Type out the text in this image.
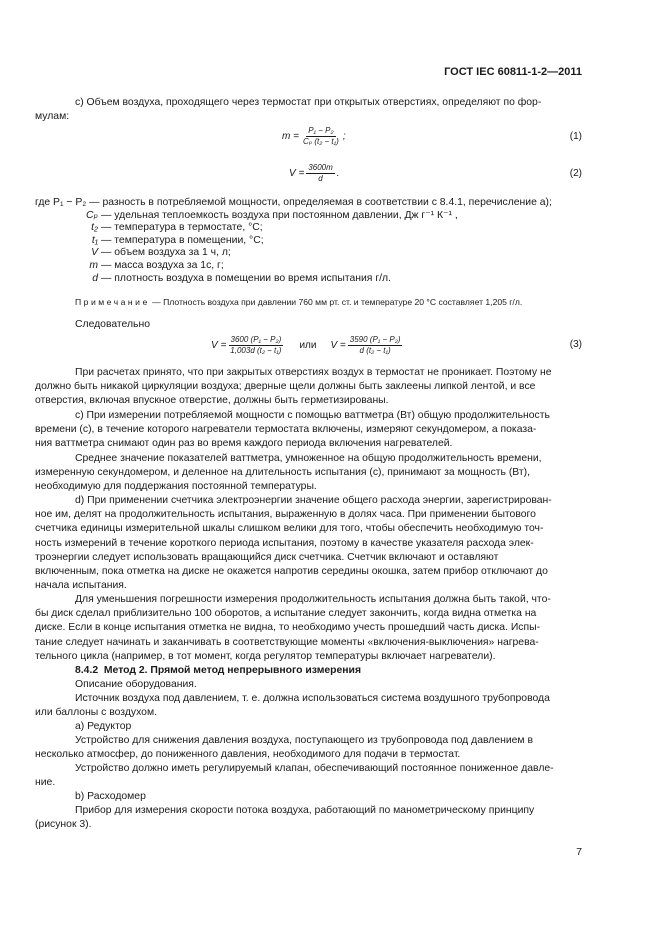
ГОСТ IEC 60811-1-2—2011
с) Объем воздуха, проходящего через термостат при открытых отверстиях, определяют по фор-
мулам:
$m = \frac{\text{P₁ − P₂}}{\text{Cₚ (t₂ − t₁)}}$ ;	(1)
$V = \frac{3600m}{d}$ .	(2)
где P₁ − P₂ — разность в потребляемой мощности, определяемая в соответствии с 8.4.1, перечисление а);
Cₚ — удельная теплоемкость воздуха при постоянном давлении, Дж г⁻¹ К⁻¹ ,
t₂ — температура в термостате, °С;
t₁ — температура в помещении, °С;
V — объем воздуха за 1 ч, л;
m — масса воздуха за 1с, г;
d — плотность воздуха в помещении во время испытания г/л.
Примечание — Плотность воздуха при давлении 760 мм рт. ст. и температуре 20 °С составляет 1,205 г/л.
Следовательно
$V = \frac{\text{3600 (P₁ − P₂)}}{\text{1,003d (t₂ − t₁)}}$ или $V = \frac{\text{3590 (P₁ − P₂)}}{\text{d (t₂ − t₁)}}$	(3)
При расчетах принято, что при закрытых отверстиях воздух в термостат не проникает. Поэтому не
должно быть никакой циркуляции воздуха; дверные щели должны быть заклеены липкой лентой, и все
отверстия, включая впускное отверстие, должны быть герметизированы.
с) При измерении потребляемой мощности с помощью ваттметра (Вт) общую продолжительность
времени (с), в течение которого нагреватели термостата включены, измеряют секундомером, а показа-
ния ваттметра снимают один раз во время каждого периода включения нагревателей.
Среднее значение показателей ваттметра, умноженное на общую продолжительность времени,
измеренную секундомером, и деленное на длительность испытания (с), принимают за мощность (Вт),
необходимую для поддержания постоянной температуры.
d) При применении счетчика электроэнергии значение общего расхода энергии, зарегистрирован-
ное им, делят на продолжительность испытания, выраженную в долях часа. При применении бытового
счетчика единицы измерительной шкалы слишком велики для того, чтобы обеспечить необходимую точ-
ность измерений в течение короткого периода испытания, поэтому в качестве указателя расхода элек-
троэнергии следует использовать вращающийся диск счетчика. Счетчик включают и оставляют
включенным, пока отметка на диске не окажется напротив середины окошка, затем прибор отключают до
начала испытания.
Для уменьшения погрешности измерения продолжительность испытания должна быть такой, что-
бы диск сделал приблизительно 100 оборотов, а испытание следует закончить, когда видна отметка на
диске. Если в конце испытания отметка не видна, то необходимо учесть прошедший часть диска. Испы-
тание следует начинать и заканчивать в соответствующие моменты «включения-выключения» нагрева-
тельного цикла (например, в тот момент, когда регулятор температуры включает нагреватели).
8.4.2 Метод 2. Прямой метод непрерывного измерения
Описание оборудования.
Источник воздуха под давлением, т. е. должна использоваться система воздушного трубопровода
или баллоны с воздухом.
а) Редуктор
Устройство для снижения давления воздуха, поступающего из трубопровода под давлением в
несколько атмосфер, до пониженного давления, необходимого для подачи в термостат.
Устройство должно иметь регулируемый клапан, обеспечивающий постоянное пониженное давле-
ние.
b) Расходомер
Прибор для измерения скорости потока воздуха, работающий по манометрическому принципу
(рисунок 3).
7
